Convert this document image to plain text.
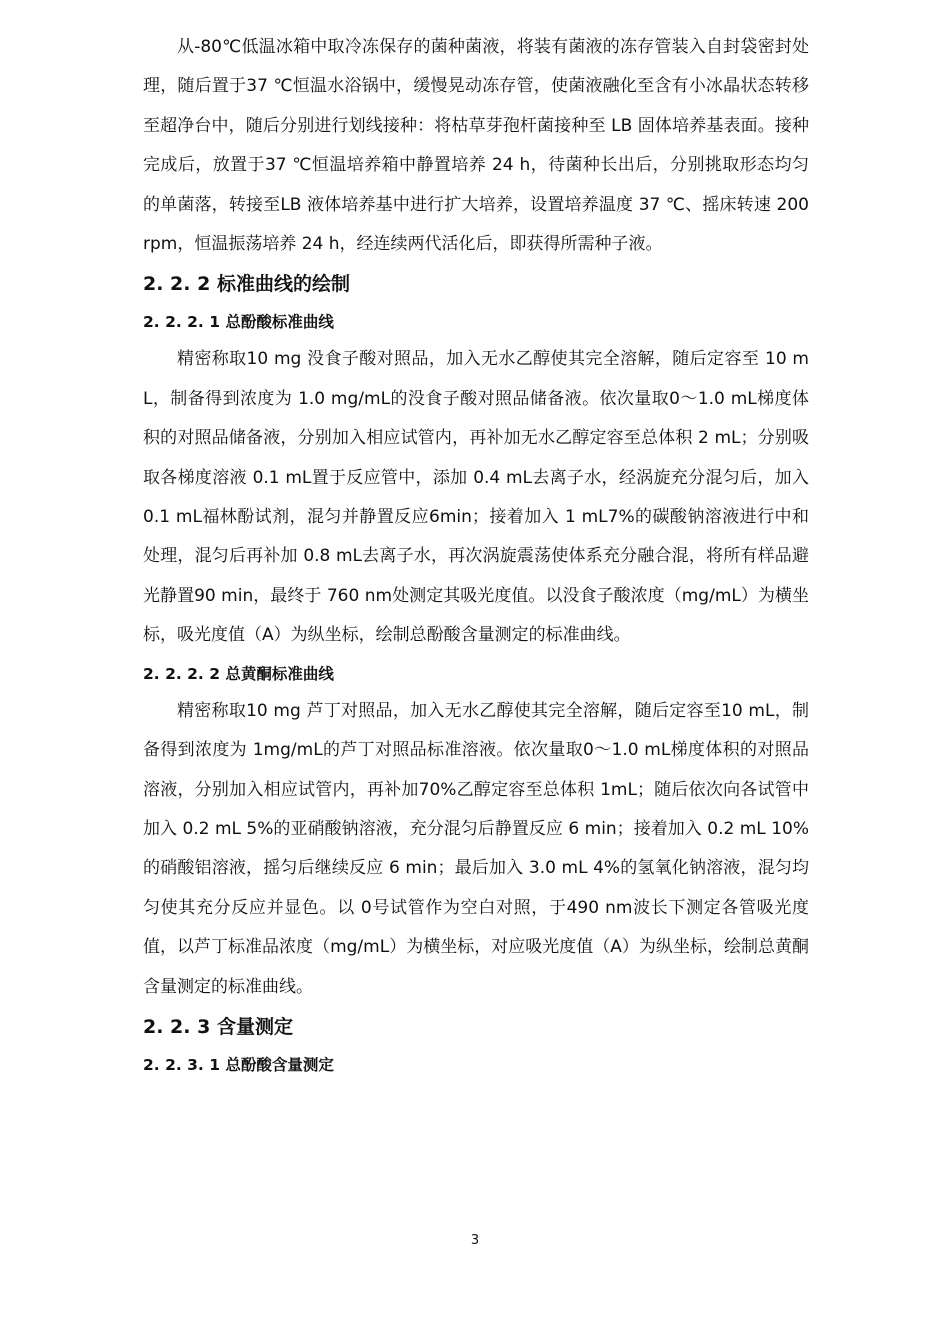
从-80℃低温冰箱中取冷冻保存的菌种菌液，将装有菌液的冻存管装入自封袋密封处理，随后置于37 ℃恒温水浴锅中，缓慢晃动冻存管，使菌液融化至含有小冰晶状态转移至超净台中，随后分别进行划线接种：将枯草芽孢杆菌接种至 LB 固体培养基表面。接种完成后，放置于37 ℃恒温培养箱中静置培养 24 h，待菌种长出后，分别挑取形态均匀的单菌落，转接至LB 液体培养基中进行扩大培养，设置培养温度 37 ℃、摇床转速 200 rpm，恒温振荡培养 24 h，经连续两代活化后，即获得所需种子液。

2. 2. 2 标准曲线的绘制
2. 2. 2. 1 总酚酸标准曲线

精密称取10 mg 没食子酸对照品，加入无水乙醇使其完全溶解，随后定容至 10 mL，制备得到浓度为 1.0 mg/mL的没食子酸对照品储备液。依次量取0～1.0 mL梯度体积的对照品储备液，分别加入相应试管内，再补加无水乙醇定容至总体积 2 mL；分别吸取各梯度溶液 0.1 mL置于反应管中，添加 0.4 mL去离子水，经涡旋充分混匀后，加入 0.1 mL福林酚试剂，混匀并静置反应6min；接着加入 1 mL7%的碳酸钠溶液进行中和处理，混匀后再补加 0.8 mL去离子水，再次涡旋震荡使体系充分融合混，将所有样品避光静置90 min，最终于 760 nm处测定其吸光度值。以没食子酸浓度（mg/mL）为横坐标，吸光度值（A）为纵坐标，绘制总酚酸含量测定的标准曲线。

2. 2. 2. 2 总黄酮标准曲线

精密称取10 mg 芦丁对照品，加入无水乙醇使其完全溶解，随后定容至10 mL，制备得到浓度为 1mg/mL的芦丁对照品标准溶液。依次量取0～1.0 mL梯度体积的对照品溶液，分别加入相应试管内，再补加70%乙醇定容至总体积 1mL；随后依次向各试管中加入 0.2 mL 5%的亚硝酸钠溶液，充分混匀后静置反应 6 min；接着加入 0.2 mL 10%的硝酸铝溶液，摇匀后继续反应 6 min；最后加入 3.0 mL 4%的氢氧化钠溶液，混匀均匀使其充分反应并显色。以 0号试管作为空白对照，于490 nm波长下测定各管吸光度值，以芦丁标准品浓度（mg/mL）为横坐标，对应吸光度值（A）为纵坐标，绘制总黄酮含量测定的标准曲线。

2. 2. 3 含量测定
2. 2. 3. 1 总酚酸含量测定
3
